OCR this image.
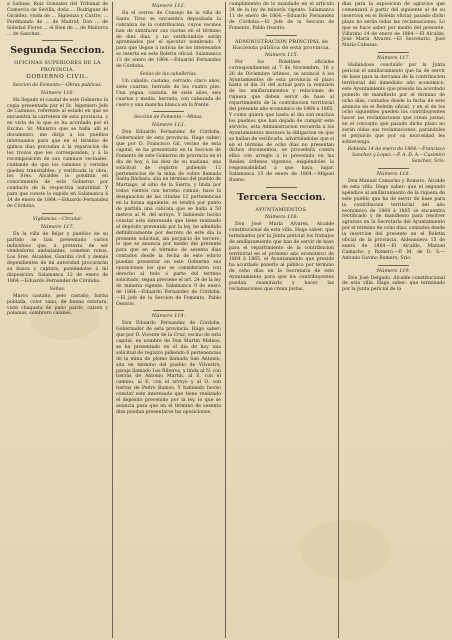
a Salinas; Ruiz Gonzalez del Tribunal de Comercio de Sevilla; doña ... Rodriguez de Giraldez, viuda de ... Sigüenza y Castro, ... Ferdinando de ... de Madrid; Don ... de Soledad Flores ... el Bien de ... de Mallorca ... de Sanchez.

Segunda Seccion.
OFICINAS SUPERIORES DE LA PROVINCIA.
GOBIERNO CIVIL.
Seccion de Fomento.—Obras publicas.
Número 116.

Ha llegado el caudal de este Gobierno la copia presentada por el Sr. Ingeniero Jefe de Caminos, referente al estado en que se encuentra la carretera de esta provincia, y en vista de lo que se ha acordado por el Excmo. Sr. Ministro que se halla alli el documento, me dirijo a los pueblos interesados para que en el término de quince dias procedan á la reparacion de los trozos que les corresponden, y á la recomposicion de sus caminos vecinales, cuidando de que los caminos y veredas queden transitables; y verificada la obra, los Sres. Alcaldes lo pondrán en conocimiento de este Gobierno por conducto de la respectiva autoridad. Y para que conste lo expido en Salamanca á 14 de enero de 1864.—Eduardo Fernandez de Córdoba.

Vigilancia.—Circular.
Número 117.

En la villa de Béjar y pueblos de su partido se han presentado varios individuos que, á pretexto de ser vendedores ambulantes, cometen robos. Los Sres. Alcaldes, Guardia civil y demás dependientes de mi autoridad procurarán su busca y captura, poniéndolos á mi disposicion. Salamanca 12 de enero de 1864.—Eduardo Fernandez de Córdoba.

Señas.

Marco castaño, pelo castaño, barba poblada, color sano, de buena estatura, viste chaqueta de paño pardo, calzon y polainas, sombrero calañés.

Número 112.

En el correo de Consejo de la villa de Santo Tirso se encuentra depositada la cobranza de la contribucion, cuyos vecinos han de satisfacer sus cuotas en el término de diez dias, y no verificándolo serán apremiados por el ejecutor nombrado. Y para que llegue á noticia de los interesados se inserta en este Boletin oficial. Salamanca 13 de enero de 1864.—Eduardo Fernandez de Córdoba.

Señas de las caballerías.

Un caballo, castaño, cerrado, cinco años, siete cuartas, herrado de los cuatro pies. Una yegua, castaña, de siete años, seis cuartas y media, herrada, con cabezada de cuero y una mancha blanca en la frente.

Seccion de Fomento.—Minas.
Número 113.

Don Eduardo Fernandez de Córdoba, Gobernador de esta provincia. Hago saber: que por D. Francisco Gil, vecino de esta capital, se ha presentado en la Seccion de Fomento de este Gobierno de provincia en el dia de hoy, á las diez de su mañana, una solicitud de registro pidiendo 12 pertenencias de la mina de cobre llamada Santa Bárbara, sita en término del pueblo de Martiago, al sitio de la Sierra, y linda por todos vientos con terreno comun; hace la designacion de las citadas 12 pertenencias en la forma siguiente: se tendrá por punto de partida una calicata que se halla á 50 metros al N. del arroyo. Y habiendo hecho constar este interesado que tiene realizado el depósito prevenido por la ley, he admitido definitivamente por decreto de este dia la presente solicitud, sin perjuicio de tercero; lo que se anuncia por medio del presente para que en el término de sesenta dias contados desde la fecha de este edicto puedan presentar en este Gobierno sus oposiciones los que se consideraren con derecho al todo ó parte del terreno solicitado, segun previene el art. 24 de la ley de minería vigente. Salamanca 9 de enero de 1864.—Eduardo Fernandez de Córdoba.—El Jefe de la Seccion de Fomento, Pablo Ossorio.

Número 114.

Don Eduardo Fernandez de Córdoba, Gobernador de esta provincia. Hago saber: que por D. Vicente de la Cruz, vecino de esta capital, en nombre de Don Martin Mateos, se ha presentado en el dia de hoy una solicitud de registro pidiendo 6 pertenencias de la mina de plomo llamada San Antonio, sita en término del pueblo de Vilvestre, paraje llamado Los Riberos, y linda al N. con tierras de Antonio Martin, al S. con el camino, al E. con el arroyo y al O. con tierras de Pedro Ramos. Y habiendo hecho constar este interesado que tiene realizado el depósito prevenido por la ley, lo que se anuncia para que en el término de sesenta dias puedan presentarse las oposiciones.

cumplimiento de lo mandado en el artículo 24 de la ley de minería vigente. Salamanca 11 de enero de 1864.—Eduardo Fernandez de Córdoba.—El Jefe de la Seccion de Fomento, Pablo Ossorio.

ADMINISTRACION PRINCIPAL de Hacienda pública de esta provincia.
Número 115.

Por los Boletines oficiales correspondientes al 7 de Noviembre, 18 y 26 de Diciembre últimos, se anunció á los Ayuntamientos de esta provincia el plazo hasta el dia 31 del actual para la remision de los amillaramientos y relaciones de riqueza que deben servir de base al repartimiento de la contribucion territorial del presente año economico de 1864 á 1865. Y como quiera que hasta el dia son muchos los pueblos que han dejado de cumplir este servicio, esta Administracion recuerda á los Ayuntamientos morosos la obligacion en que se hallan de verificarlo, advirtiéndoles que si en el término de ocho dias no presentan dichos documentos, se procederá contra ellos con arreglo á lo prevenido en las Reales órdenes vigentes, exigiéndoles la responsabilidad á que haya lugar. Salamanca 15 de enero de 1864.—Miguel Bueno.

Tercera Seccion.
AYUNTAMIENTOS.
Número 116.

Don José María Alvarez, Alcalde constitucional de esta villa. Hago saber: que terminados por la Junta pericial los trabajos de amillaramiento que han de servir de base para el repartimiento de la contribucion territorial en el próximo año económico de 1864 á 1865, el Ayuntamiento que preside ha acordado ponerlo al público por término de ocho dias en la Secretaría de este Ayuntamiento para que los contribuyentes puedan examinarlo y hacer las reclamaciones que crean justas.

dias para la exposicion de agravios que comenzará á partir del siguiente al de su insercion en el Boletin oficial; pasado dicho plazo no serán oidas las reclamaciones. Lo que se hace saber por medio del presente. Villarino 14 de enero de 1864.—El Alcalde, José María Alvarez.—El Secretario, José María Cabezas.

Número 117.

Hallándose concluido por la Junta pericial el amillaramiento que ha de servir de base para la derrama de la contribucion territorial del inmediato año económico, este Ayuntamiento que presido ha acordado ponerlo de manifiesto por el término de ocho dias, contados desde la fecha de este anuncio en el Boletin oficial, y en el de los ocho siguientes pueden los contribuyentes hacer las reclamaciones que crean justas; en el concepto que pasado dicho plazo no serán oidas sus reclamaciones, parándoles el perjuicio que por su morosidad les sobrevenga.

Robleda 14 de enero de 1864.—Francisco Sanchez y Lopez.—P. A. D. A.—Casimiro Sanchez, Srio.

Número 118.

Don Manuel Camacho y Romero, Alcalde de esta villa. Hago saber: que el segundo apéndice al amillaramiento de la riqueza de este pueblo que ha de servir de base para la contribucion territorial del año económico de 1864 á 1865 se encuentra rectificado y de manifiesto para resolver agravios en la Secretaría del Ayuntamiento por el término de ocho dias, contados desde la insercion del presente en el Boletin oficial de la provincia. Aldeanueva 15 de enero de 1864.—El Alcalde, Manuel Camacho y Romero.—P. M. de D. S.—Antonio Gavino Romero, Srio.

Número 119.

Don José Delgado, Alcalde constitucional de esta villa. Hago saber: que terminado por la Junta pericial de la
